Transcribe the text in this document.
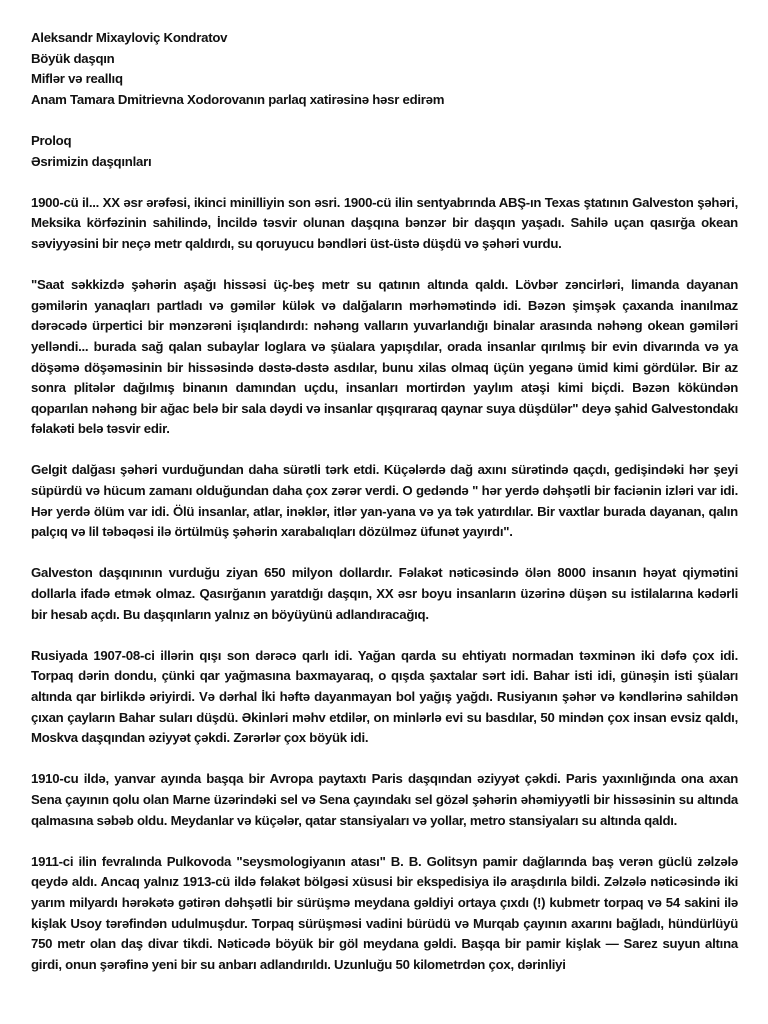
Aleksandr Mixayloviç Kondratov
Böyük daşqın
Miflər və reallıq
Anam Tamara Dmitrievna Xodorovanın parlaq xatirəsinə həsr edirəm
Proloq
Əsrimizin daşqınları

1900-cü il... XX əsr ərəfəsi, ikinci minilliyin son əsri. 1900-cü ilin sentyabrında ABŞ-ın Texas ştatının Galveston şəhəri, Meksika körfəzinin sahilində, İncildə təsvir olunan daşqına bənzər bir daşqın yaşadı. Sahilə uçan qasırğa okean səviyyəsini bir neçə metr qaldırdı, su qoruyucu bəndləri üst-üstə düşdü və şəhəri vurdu.

"Saat səkkizdə şəhərin aşağı hissəsi üç-beş metr su qatının altında qaldı. Lövbər zəncirləri, limanda dayanan gəmilərin yanaqları partladı və gəmilər külək və dalğaların mərhəmətində idi. Bəzən şimşək çaxanda inanılmaz dərəcədə ürpertici bir mənzərəni işıqlandırdı: nəhəng valların yuvarlandığı binalar arasında nəhəng okean gəmiləri yelləndi... burada sağ qalan subaylar loglara və şüalara yapışdılar, orada insanlar qırılmış bir evin divarında və ya döşəmə döşəməsinin bir hissəsində dəstə-dəstə asdılar, bunu xilas olmaq üçün yeganə ümid kimi gördülər. Bir az sonra plitələr dağılmış binanın damından uçdu, insanları mortirdən yaylım atəşi kimi biçdi. Bəzən kökündən qoparılan nəhəng bir ağac belə bir sala dəydi və insanlar qışqıraraq qaynar suya düşdülər" deyə şahid Galvestondakı fəlakəti belə təsvir edir.

Gelgit dalğası şəhəri vurduğundan daha sürətli tərk etdi. Küçələrdə dağ axını sürətində qaçdı, gedişindəki hər şeyi süpürdü və hücum zamanı olduğundan daha çox zərər verdi. O gedəndə " hər yerdə dəhşətli bir faciənin izləri var idi. Hər yerdə ölüm var idi. Ölü insanlar, atlar, inəklər, itlər yan-yana və ya tək yatırdılar. Bir vaxtlar burada dayanan, qalın palçıq və lil təbəqəsi ilə örtülmüş şəhərin xarabalıqları dözülməz üfunət yayırdı".

Galveston daşqınının vurduğu ziyan 650 milyon dollardır. Fəlakət nəticəsində ölən 8000 insanın həyat qiymətini dollarla ifadə etmək olmaz. Qasırğanın yaratdığı daşqın, XX əsr boyu insanların üzərinə düşən su istilalarına kədərli bir hesab açdı. Bu daşqınların yalnız ən böyüyünü adlandıracağıq.

Rusiyada 1907-08-ci illərin qışı son dərəcə qarlı idi. Yağan qarda su ehtiyatı normadan təxminən iki dəfə çox idi. Torpaq dərin dondu, çünki qar yağmasına baxmayaraq, o qışda şaxtalar sərt idi. Bahar isti idi, günəşin isti şüaları altında qar birlikdə əriyirdi. Və dərhal İki həftə dayanmayan bol yağış yağdı. Rusiyanın şəhər və kəndlərinə sahildən çıxan çayların Bahar suları düşdü. Əkinləri məhv etdilər, on minlərlə evi su basdılar, 50 mindən çox insan evsiz qaldı, Moskva daşqından əziyyət çəkdi. Zərərlər çox böyük idi.

1910-cu ildə, yanvar ayında başqa bir Avropa paytaxtı Paris daşqından əziyyət çəkdi. Paris yaxınlığında ona axan Sena çayının qolu olan Marne üzərindəki sel və Sena çayındakı sel gözəl şəhərin əhəmiyyətli bir hissəsinin su altında qalmasına səbəb oldu. Meydanlar və küçələr, qatar stansiyaları və yollar, metro stansiyaları su altında qaldı.

1911-ci ilin fevralında Pulkovoda "seysmologiyanın atası" B. B. Golitsyn pamir dağlarında baş verən güclü zəlzələ qeydə aldı. Ancaq yalnız 1913-cü ildə fəlakət bölgəsi xüsusi bir ekspedisiya ilə araşdırıla bildi. Zəlzələ nəticəsində iki yarım milyardı hərəkətə gətirən dəhşətli bir sürüşmə meydana gəldiyi ortaya çıxdı (!) kubmetr torpaq və 54 sakini ilə kişlak Usoy tərəfindən udulmuşdur. Torpaq sürüşməsi vadini bürüdü və Murqab çayının axarını bağladı, hündürlüyü 750 metr olan daş divar tikdi. Nəticədə böyük bir göl meydana gəldi. Başqa bir pamir kişlak — Sarez suyun altına girdi, onun şərəfinə yeni bir su anbarı adlandırıldı. Uzunluğu 50 kilometrdən çox, dərinliyi
